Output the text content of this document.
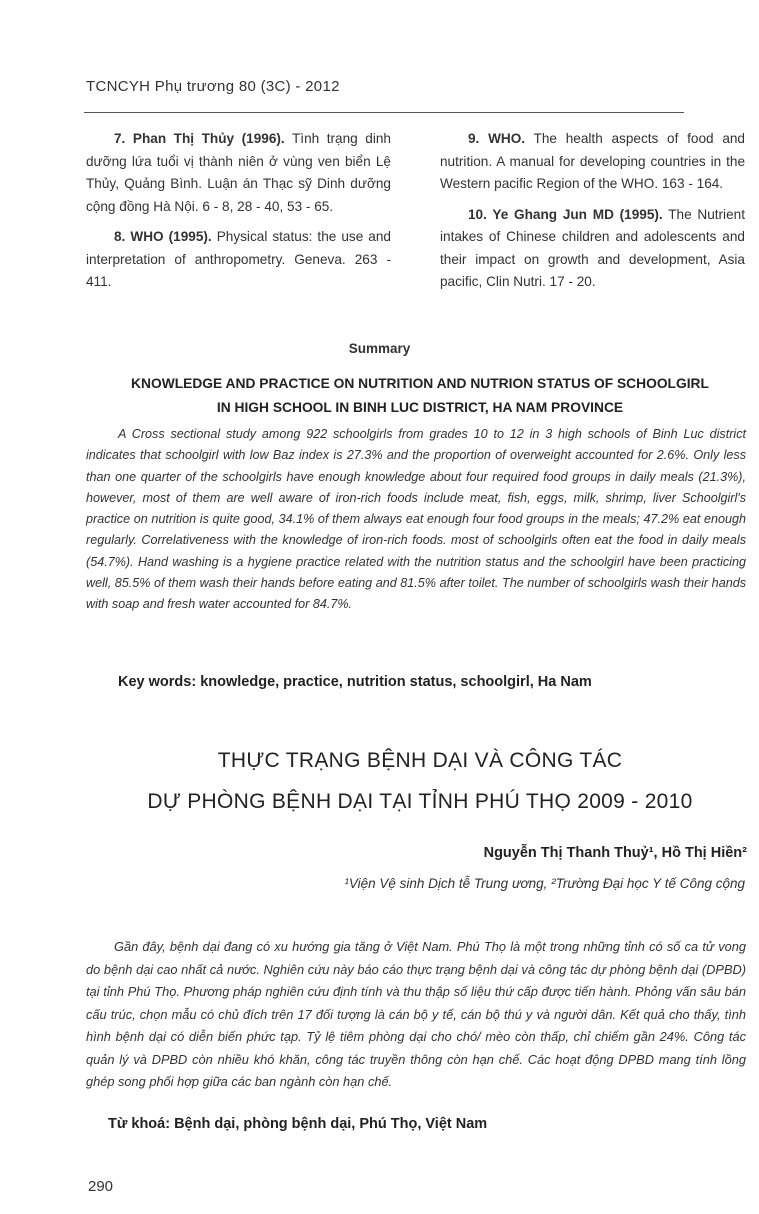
TCNCYH Phụ trương 80 (3C) - 2012

7. Phan Thị Thủy (1996). Tình trạng dinh dưỡng lứa tuổi vị thành niên ở vùng ven biển Lệ Thủy, Quảng Bình. Luận án Thạc sỹ Dinh dưỡng cộng đồng Hà Nội. 6 - 8, 28 - 40, 53 - 65.

8. WHO (1995). Physical status: the use and interpretation of anthropometry. Geneva. 263 - 411.

9. WHO. The health aspects of food and nutrition. A manual for developing countries in the Western pacific Region of the WHO. 163 - 164.

10. Ye Ghang Jun MD (1995). The Nutrient intakes of Chinese children and adolescents and their impact on growth and development, Asia pacific, Clin Nutri. 17 - 20.

Summary
KNOWLEDGE AND PRACTICE ON NUTRITION AND NUTRION STATUS OF SCHOOLGIRL
IN HIGH SCHOOL IN BINH LUC DISTRICT, HA NAM PROVINCE
A Cross sectional study among 922 schoolgirls from grades 10 to 12 in 3 high schools of Binh Luc district indicates that schoolgirl with low Baz index is 27.3% and the proportion of overweight accounted for 2.6%. Only less than one quarter of the schoolgirls have enough knowledge about four required food groups in daily meals (21.3%), however, most of them are well aware of iron-rich foods include meat, fish, eggs, milk, shrimp, liver Schoolgirl's practice on nutrition is quite good, 34.1% of them always eat enough four food groups in the meals; 47.2% eat enough regularly. Correlativeness with the knowledge of iron-rich foods. most of schoolgirls often eat the food in daily meals (54.7%). Hand washing is a hygiene practice related with the nutrition status and the schoolgirl have been practicing well, 85.5% of them wash their hands before eating and 81.5% after toilet. The number of schoolgirls wash their hands with soap and fresh water accounted for 84.7%.
Key words: knowledge, practice, nutrition status, schoolgirl, Ha Nam
THỰC TRẠNG BỆNH DẠI VÀ CÔNG TÁC
DỰ PHÒNG BỆNH DẠI TẠI TỈNH PHÚ THỌ 2009 - 2010
Nguyễn Thị Thanh Thuỷ¹, Hồ Thị Hiền²
¹Viện Vệ sinh Dịch tễ Trung ương, ²Trường Đại học Y tế Công cộng
Gần đây, bệnh dại đang có xu hướng gia tăng ở Việt Nam. Phú Thọ là một trong những tỉnh có số ca tử vong do bệnh dại cao nhất cả nước. Nghiên cứu này báo cáo thực trạng bệnh dại và công tác dự phòng bệnh dại (DPBD) tại tỉnh Phú Thọ. Phương pháp nghiên cứu định tính và thu thập số liệu thứ cấp được tiến hành. Phỏng vấn sâu bán cấu trúc, chọn mẫu có chủ đích trên 17 đối tượng là cán bộ y tế, cán bộ thú y và người dân. Kết quả cho thấy, tình hình bệnh dại có diễn biến phức tạp. Tỷ lệ tiêm phòng dại cho chó/ mèo còn thấp, chỉ chiếm gần 24%. Công tác quản lý và DPBD còn nhiều khó khăn, công tác truyền thông còn hạn chế. Các hoạt động DPBD mang tính lồng ghép song phối hợp giữa các ban ngành còn hạn chế.
Từ khoá: Bệnh dại, phòng bệnh dại, Phú Thọ, Việt Nam
290
